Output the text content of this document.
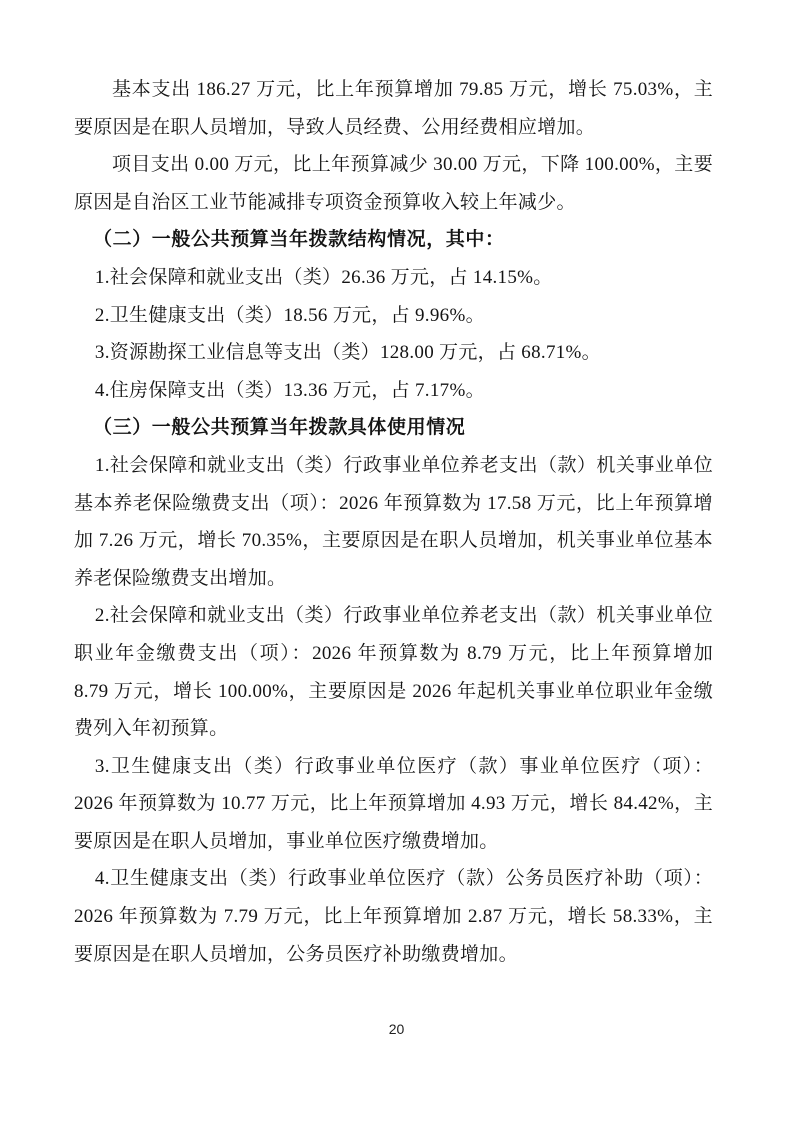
基本支出 186.27 万元，比上年预算增加 79.85 万元，增长 75.03%，主要原因是在职人员增加，导致人员经费、公用经费相应增加。

项目支出 0.00 万元，比上年预算减少 30.00 万元，下降 100.00%，主要原因是自治区工业节能减排专项资金预算收入较上年减少。

（二）一般公共预算当年拨款结构情况，其中：

1.社会保障和就业支出（类）26.36 万元，占 14.15%。

2.卫生健康支出（类）18.56 万元，占 9.96%。

3.资源勘探工业信息等支出（类）128.00 万元，占 68.71%。

4.住房保障支出（类）13.36 万元，占 7.17%。

（三）一般公共预算当年拨款具体使用情况

1.社会保障和就业支出（类）行政事业单位养老支出（款）机关事业单位基本养老保险缴费支出（项）：2026 年预算数为 17.58 万元，比上年预算增加 7.26 万元，增长 70.35%，主要原因是在职人员增加，机关事业单位基本养老保险缴费支出增加。

2.社会保障和就业支出（类）行政事业单位养老支出（款）机关事业单位职业年金缴费支出（项）：2026 年预算数为 8.79 万元，比上年预算增加 8.79 万元，增长 100.00%，主要原因是 2026 年起机关事业单位职业年金缴费列入年初预算。

3.卫生健康支出（类）行政事业单位医疗（款）事业单位医疗（项）：2026 年预算数为 10.77 万元，比上年预算增加 4.93 万元，增长 84.42%，主要原因是在职人员增加，事业单位医疗缴费增加。

4.卫生健康支出（类）行政事业单位医疗（款）公务员医疗补助（项）：2026 年预算数为 7.79 万元，比上年预算增加 2.87 万元，增长 58.33%，主要原因是在职人员增加，公务员医疗补助缴费增加。

20
